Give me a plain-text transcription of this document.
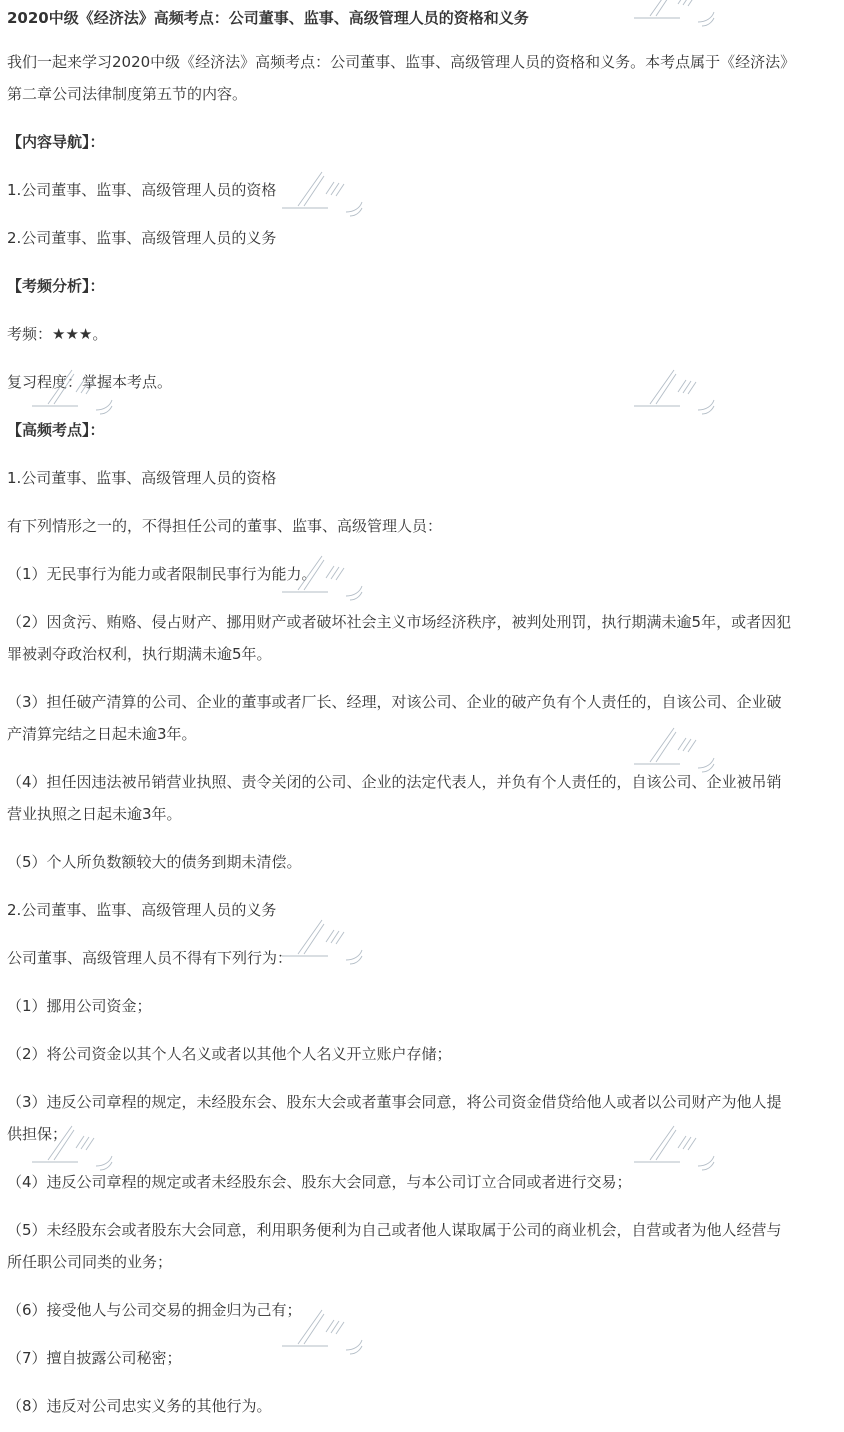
2020中级《经济法》高频考点：公司董事、监事、高级管理人员的资格和义务

我们一起来学习2020中级《经济法》高频考点：公司董事、监事、高级管理人员的资格和义务。本考点属于《经济法》

第二章公司法律制度第五节的内容。

【内容导航】：

1.公司董事、监事、高级管理人员的资格

2.公司董事、监事、高级管理人员的义务

【考频分析】：

考频：★★★。

复习程度：掌握本考点。

【高频考点】：

1.公司董事、监事、高级管理人员的资格

有下列情形之一的，不得担任公司的董事、监事、高级管理人员：

（1）无民事行为能力或者限制民事行为能力。

（2）因贪污、贿赂、侵占财产、挪用财产或者破坏社会主义市场经济秩序，被判处刑罚，执行期满未逾5年，或者因犯

罪被剥夺政治权利，执行期满未逾5年。

（3）担任破产清算的公司、企业的董事或者厂长、经理，对该公司、企业的破产负有个人责任的，自该公司、企业破

产清算完结之日起未逾3年。

（4）担任因违法被吊销营业执照、责令关闭的公司、企业的法定代表人，并负有个人责任的，自该公司、企业被吊销

营业执照之日起未逾3年。

（5）个人所负数额较大的债务到期未清偿。

2.公司董事、监事、高级管理人员的义务

公司董事、高级管理人员不得有下列行为：

（1）挪用公司资金；

（2）将公司资金以其个人名义或者以其他个人名义开立账户存储；

（3）违反公司章程的规定，未经股东会、股东大会或者董事会同意，将公司资金借贷给他人或者以公司财产为他人提

供担保；

（4）违反公司章程的规定或者未经股东会、股东大会同意，与本公司订立合同或者进行交易；

（5）未经股东会或者股东大会同意，利用职务便利为自己或者他人谋取属于公司的商业机会，自营或者为他人经营与

所任职公司同类的业务；

（6）接受他人与公司交易的拥金归为己有；

（7）擅自披露公司秘密；

（8）违反对公司忠实义务的其他行为。
